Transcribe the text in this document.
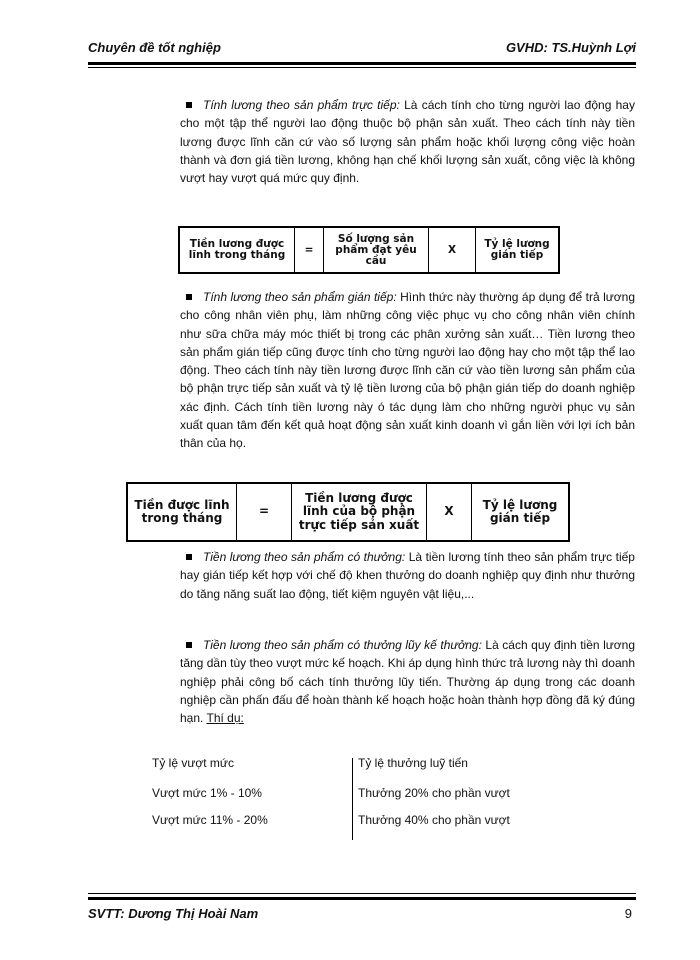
Chuyên đề tốt nghiệp	GVHD: TS.Huỳnh Lợi
Tính lương theo sản phẩm trực tiếp: Là cách tính cho từng người lao động hay cho một tập thể người lao động thuộc bộ phận sản xuất. Theo cách tính này tiền lương được lĩnh căn cứ vào số lượng sản phẩm hoặc khối lượng công việc hoàn thành và đơn giá tiền lương, không hạn chế khối lượng sản xuất, công việc là không vượt hay vượt quá mức quy định.
Tiền lương được lĩnh trong tháng	=	Số lượng sản phẩm đạt yêu cầu	X	Tỷ lệ lương gián tiếp
Tính lương theo sản phẩm gián tiếp: Hình thức này thường áp dụng để trả lương cho công nhân viên phụ, làm những công việc phục vụ cho công nhân viên chính như sữa chữa máy móc thiết bị trong các phân xưởng sản xuất… Tiền lương theo sản phẩm gián tiếp cũng được tính cho từng người lao động hay cho một tập thể lao động. Theo cách tính này tiền lương được lĩnh căn cứ vào tiền lương sản phẩm của bộ phận trực tiếp sản xuất và tỷ lệ tiền lương của bộ phận gián tiếp do doanh nghiệp xác định. Cách tính tiền lương này ó tác dụng làm cho những người phục vụ sản xuất quan tâm đến kết quả hoạt động sản xuất kinh doanh vì gắn liền với lợi ích bản thân của họ.
Tiền được lĩnh trong tháng	=	Tiền lương được lĩnh của bộ phận trực tiếp sản xuất	X	Tỷ lệ lương gián tiếp
Tiền lương theo sản phẩm có thưởng: Là tiền lương tính theo sản phẩm trực tiếp hay gián tiếp kết hợp với chế độ khen thưởng do doanh nghiệp quy định như thưởng do tăng năng suất lao động, tiết kiệm nguyên vật liệu,...
Tiền lương theo sản phẩm có thưởng lũy kế thưởng: Là cách quy định tiền lương tăng dần tùy theo vượt mức kế hoạch. Khi áp dụng hình thức trả lương này thì doanh nghiệp phải công bố cách tính thưởng lũy tiến. Thường áp dụng trong các doanh nghiệp cần phấn đấu để hoàn thành kế hoạch hoặc hoàn thành hợp đồng đã ký đúng hạn. Thí dụ:
Tỷ lệ vượt mức	Tỷ lệ thưởng luỹ tiến
Vượt mức 1% - 10%	Thưởng 20% cho phần vượt
Vượt mức 11% - 20%	Thưởng 40% cho phần vượt
SVTT: Dương Thị Hoài Nam	9
